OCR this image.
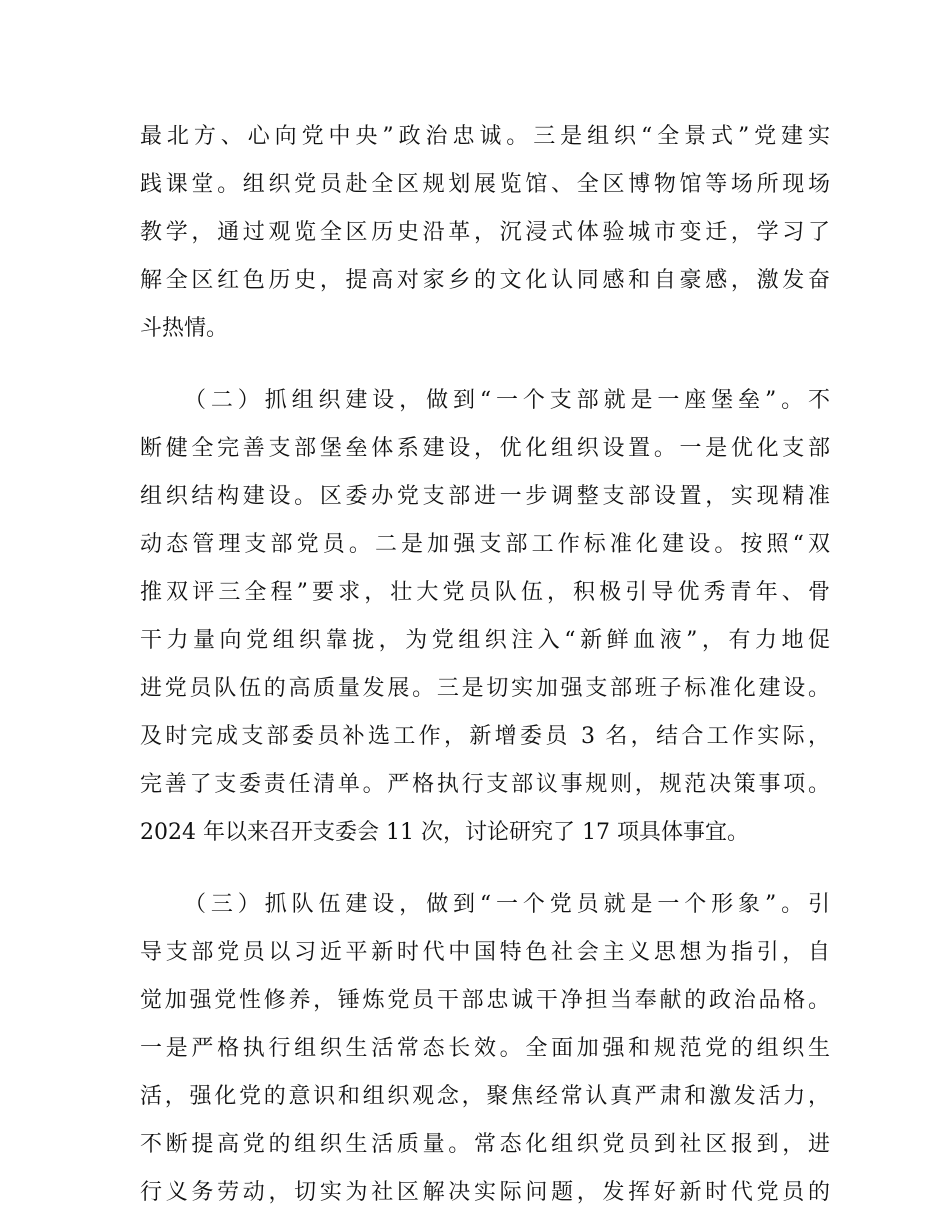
最北方、心向党中央”政治忠诚。三是组织“全景式”党建实
践课堂。组织党员赴全区规划展览馆、全区博物馆等场所现场
教学，通过观览全区历史沿革，沉浸式体验城市变迁，学习了
解全区红色历史，提高对家乡的文化认同感和自豪感，激发奋
斗热情。
（二）抓组织建设，做到“一个支部就是一座堡垒”。不
断健全完善支部堡垒体系建设，优化组织设置。一是优化支部
组织结构建设。区委办党支部进一步调整支部设置，实现精准
动态管理支部党员。二是加强支部工作标准化建设。按照“双
推双评三全程”要求，壮大党员队伍，积极引导优秀青年、骨
干力量向党组织靠拢，为党组织注入“新鲜血液”，有力地促
进党员队伍的高质量发展。三是切实加强支部班子标准化建设。
及时完成支部委员补选工作，新增委员 3 名，结合工作实际，
完善了支委责任清单。严格执行支部议事规则，规范决策事项。
2024 年以来召开支委会 11 次，讨论研究了 17 项具体事宜。
（三）抓队伍建设，做到“一个党员就是一个形象”。引
导支部党员以习近平新时代中国特色社会主义思想为指引，自
觉加强党性修养，锤炼党员干部忠诚干净担当奉献的政治品格。
一是严格执行组织生活常态长效。全面加强和规范党的组织生
活，强化党的意识和组织观念，聚焦经常认真严肃和激发活力，
不断提高党的组织生活质量。常态化组织党员到社区报到，进
行义务劳动，切实为社区解决实际问题，发挥好新时代党员的
